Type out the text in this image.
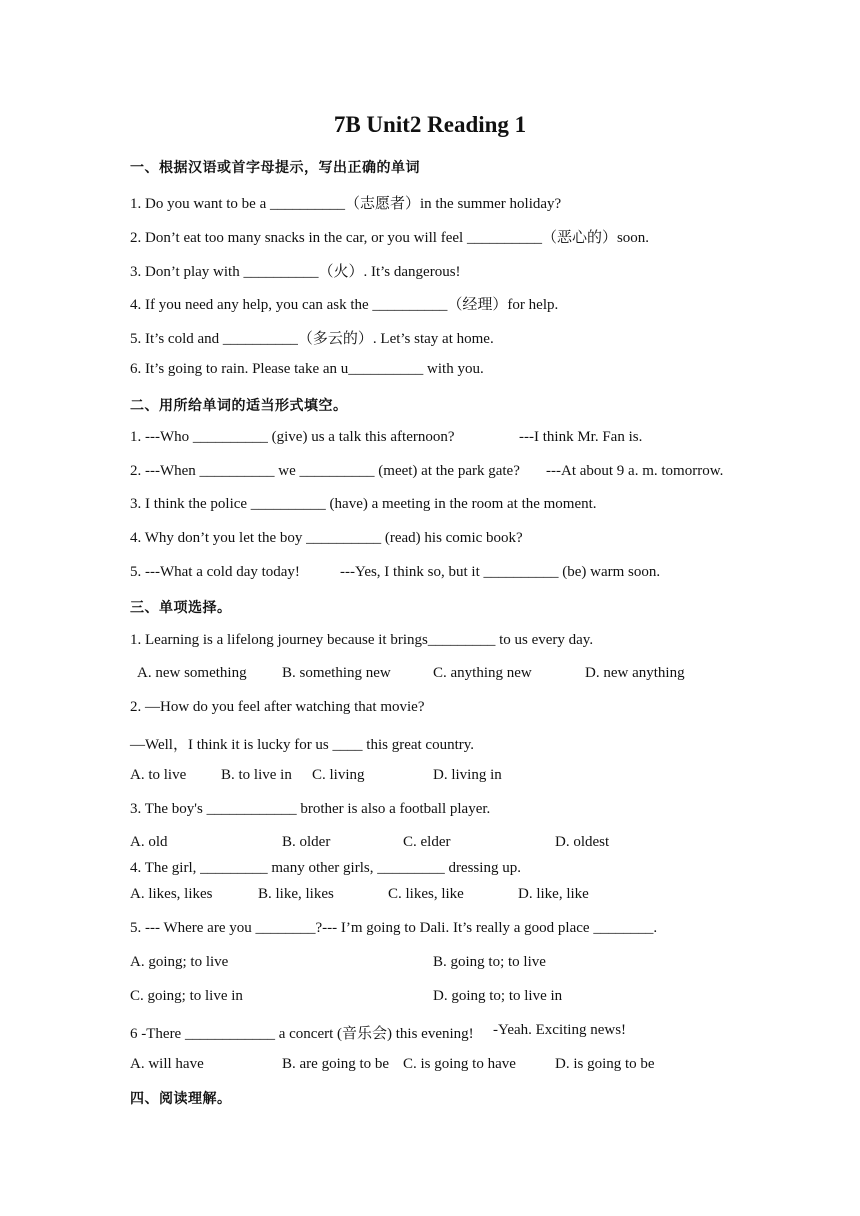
7B Unit2 Reading 1
一、根据汉语或首字母提示，写出正确的单词
1. Do you want to be a __________（志愿者）in the summer holiday?
2. Don’t eat too many snacks in the car, or you will feel __________（恶心的）soon.
3. Don’t play with __________（火）. It’s dangerous!
4. If you need any help, you can ask the __________（经理）for help.
5. It’s cold and __________（多云的）. Let’s stay at home.
6. It’s going to rain. Please take an u__________ with you.
二、用所给单词的适当形式填空。
1. ---Who __________ (give) us a talk this afternoon?	---I think Mr. Fan is.
2. ---When __________ we __________ (meet) at the park gate? ---At about 9 a. m. tomorrow.
3. I think the police __________ (have) a meeting in the room at the moment.
4. Why don’t you let the boy __________ (read) his comic book?
5. ---What a cold day today!	---Yes, I think so, but it __________ (be) warm soon.
三、单项选择。
1. Learning is a lifelong journey because it brings_________ to us every day.
A. new something B. something new	C. anything new	D. new anything
2. —How do you feel after watching that movie?
—Well，I think it is lucky for us ____ this great country.
A. to live B. to live in C. living	D. living in
3. The boy's ____________ brother is also a football player.
A. old	B. older	C. elder	D. oldest
4. The girl, _________ many other girls, _________ dressing up.
A. likes, likes	B. like, likes	C. likes, like	D. like, like
5. --- Where are you ________?--- I’m going to Dali. It’s really a good place ________.
A. going; to live	B. going to; to live
C. going; to live in	D. going to; to live in
6 -There ____________ a concert (音乐会) this evening! -Yeah. Exciting news!
A. will have	B. are going to be C. is going to have	D. is going to be
四、阅读理解。
